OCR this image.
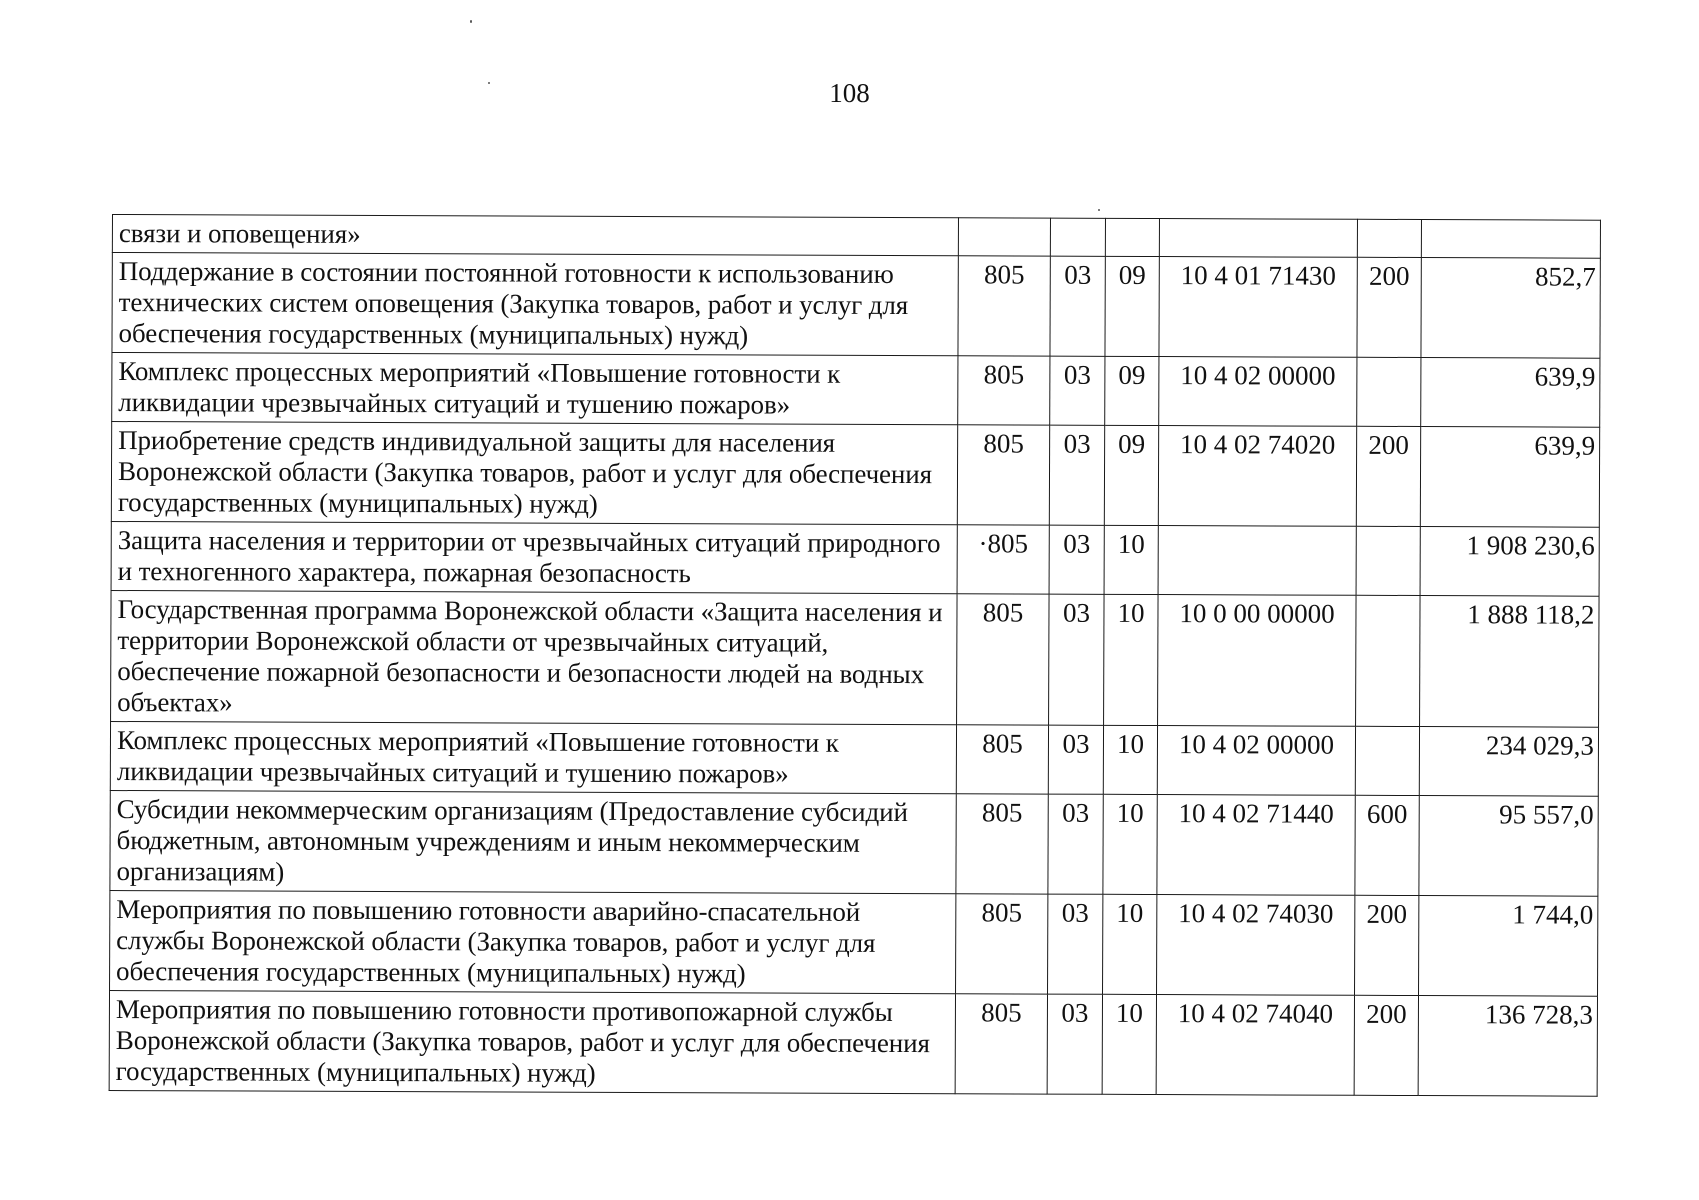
108
связи и оповещения»						
Поддержание в состоянии постоянной готовности к использованию технических систем оповещения (Закупка товаров, работ и услуг для обеспечения государственных (муниципальных) нужд)	805	03	09	10 4 01 71430	200	852,7
Комплекс процессных мероприятий «Повышение готовности к ликвидации чрезвычайных ситуаций и тушению пожаров»	805	03	09	10 4 02 00000		639,9
Приобретение средств индивидуальной защиты для населения Воронежской области (Закупка товаров, работ и услуг для обеспечения государственных (муниципальных) нужд)	805	03	09	10 4 02 74020	200	639,9
Защита населения и территории от чрезвычайных ситуаций природного и техногенного характера, пожарная безопасность	·805	03	10			1 908 230,6
Государственная программа Воронежской области «Защита населения и территории Воронежской области от чрезвычайных ситуаций, обеспечение пожарной безопасности и безопасности людей на водных объектах»	805	03	10	10 0 00 00000		1 888 118,2
Комплекс процессных мероприятий «Повышение готовности к ликвидации чрезвычайных ситуаций и тушению пожаров»	805	03	10	10 4 02 00000		234 029,3
Субсидии некоммерческим организациям (Предоставление субсидий бюджетным, автономным учреждениям и иным некоммерческим организациям)	805	03	10	10 4 02 71440	600	95 557,0
Мероприятия по повышению готовности аварийно-спасательной службы Воронежской области (Закупка товаров, работ и услуг для обеспечения государственных (муниципальных) нужд)	805	03	10	10 4 02 74030	200	1 744,0
Мероприятия по повышению готовности противопожарной службы Воронежской области (Закупка товаров, работ и услуг для обеспечения государственных (муниципальных) нужд)	805	03	10	10 4 02 74040	200	136 728,3
